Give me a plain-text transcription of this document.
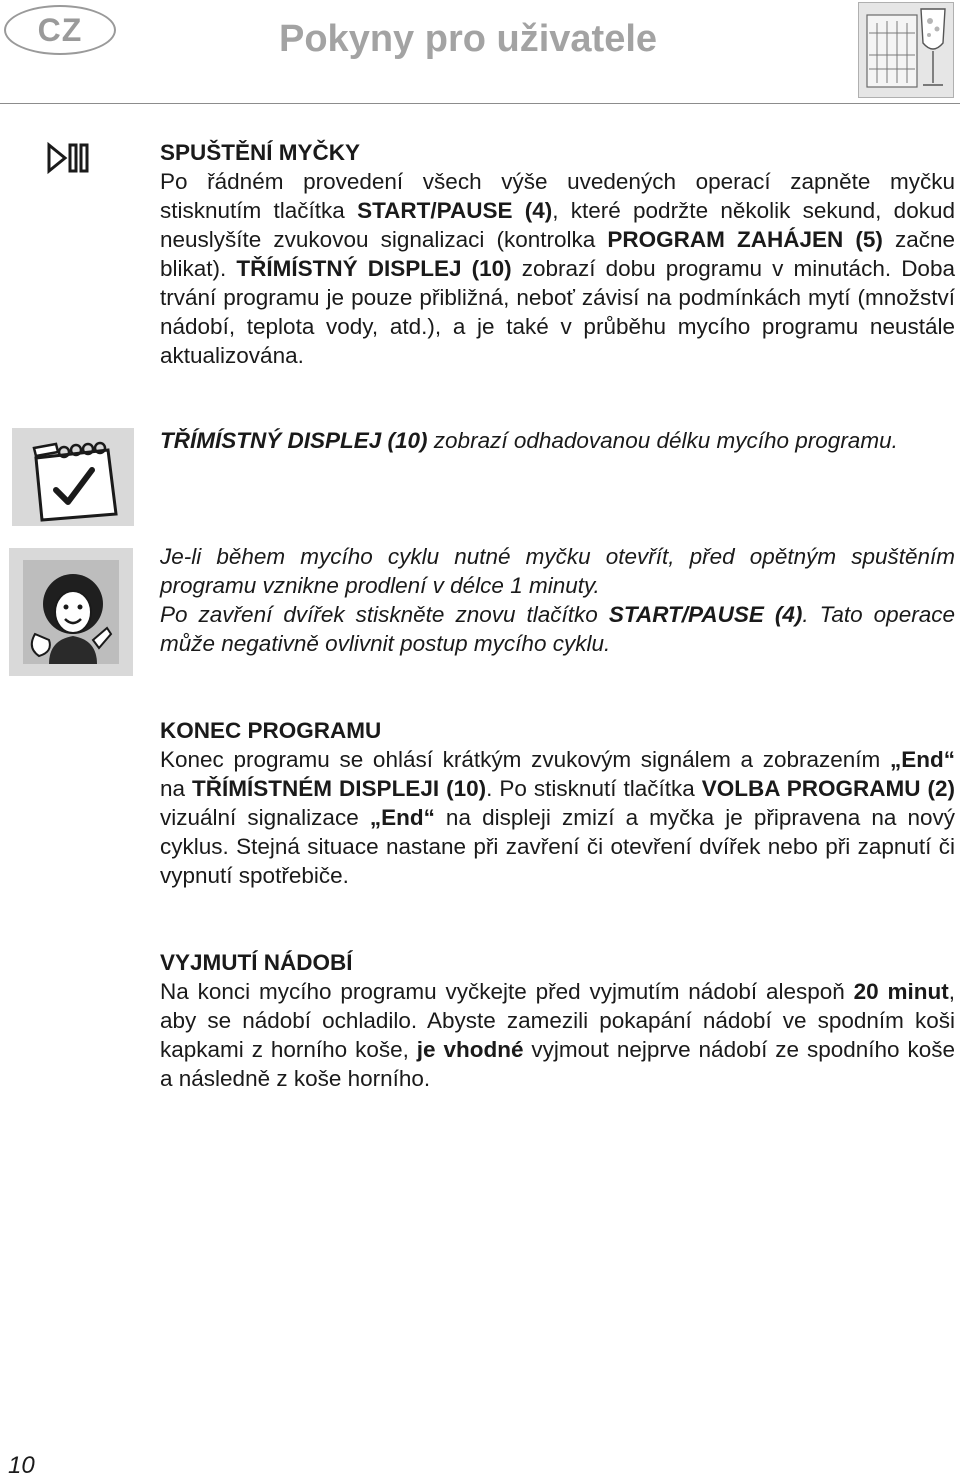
CZ	Pokyny pro uživatele
SPUŠTĚNÍ MYČKY

Po řádném provedení všech výše uvedených operací zapněte myčku stisknutím tlačítka START/PAUSE (4), které podržte několik sekund, dokud neuslyšíte zvukovou signalizaci (kontrolka PROGRAM ZAHÁJEN (5) začne blikat). TŘÍMÍSTNÝ DISPLEJ (10) zobrazí dobu programu v minutách. Doba trvání programu je pouze přibližná, neboť závisí na podmínkách mytí (množství nádobí, teplota vody, atd.), a je také v průběhu mycího programu neustále aktualizována.

TŘÍMÍSTNÝ DISPLEJ (10) zobrazí odhadovanou délku mycího programu.

Je-li během mycího cyklu nutné myčku otevřít, před opětným spuštěním programu vznikne prodlení v délce 1 minuty.

Po zavření dvířek stiskněte znovu tlačítko START/PAUSE (4). Tato operace může negativně ovlivnit postup mycího cyklu.

KONEC PROGRAMU

Konec programu se ohlásí krátkým zvukovým signálem a zobrazením „End“ na TŘÍMÍSTNÉM DISPLEJI (10). Po stisknutí tlačítka VOLBA PROGRAMU (2) vizuální signalizace „End“ na displeji zmizí a myčka je připravena na nový cyklus. Stejná situace nastane při zavření či otevření dvířek nebo při zapnutí či vypnutí spotřebiče.

VYJMUTÍ NÁDOBÍ

Na konci mycího programu vyčkejte před vyjmutím nádobí alespoň 20 minut, aby se nádobí ochladilo. Abyste zamezili pokapání nádobí ve spodním koši kapkami z horního koše, je vhodné vyjmout nejprve nádobí ze spodního koše a následně z koše horního.

10
